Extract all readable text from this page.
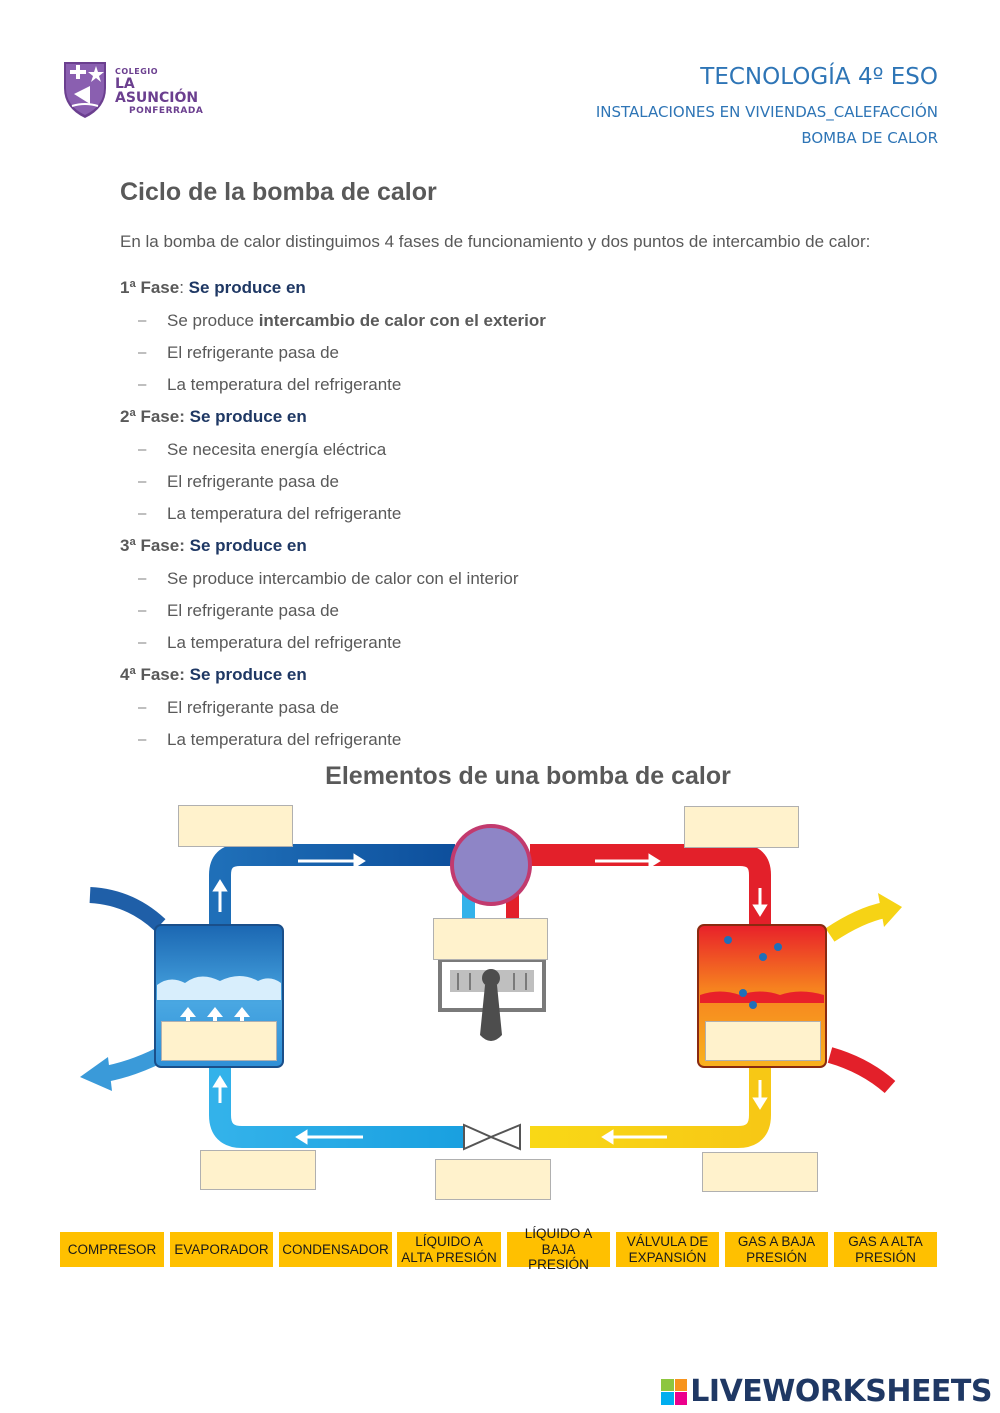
COLEGIO
LA ASUNCIÓN
PONFERRADA
TECNOLOGÍA 4º ESO
INSTALACIONES EN VIVIENDAS_CALEFACCIÓN
BOMBA DE CALOR
Ciclo de la bomba de calor
En la bomba de calor distinguimos 4 fases de funcionamiento y dos puntos de intercambio de calor:
1ª Fase: Se produce en
– Se produce intercambio de calor con el exterior
– El refrigerante pasa de
– La temperatura del refrigerante
2ª Fase: Se produce en
– Se necesita energía eléctrica
– El refrigerante pasa de
– La temperatura del refrigerante
3ª Fase: Se produce en
– Se produce intercambio de calor con el interior
– El refrigerante pasa de
– La temperatura del refrigerante
4ª Fase: Se produce en
– El refrigerante pasa de
– La temperatura del refrigerante
Elementos de una bomba de calor
COMPRESOR EVAPORADOR CONDENSADOR
LÍQUIDO A
ALTA PRESIÓN
LÍQUIDO A
BAJA PRESIÓN
VÁLVULA DE
EXPANSIÓN
GAS A BAJA
PRESIÓN
GAS A ALTA
PRESIÓN
LIVEWORKSHEETS
